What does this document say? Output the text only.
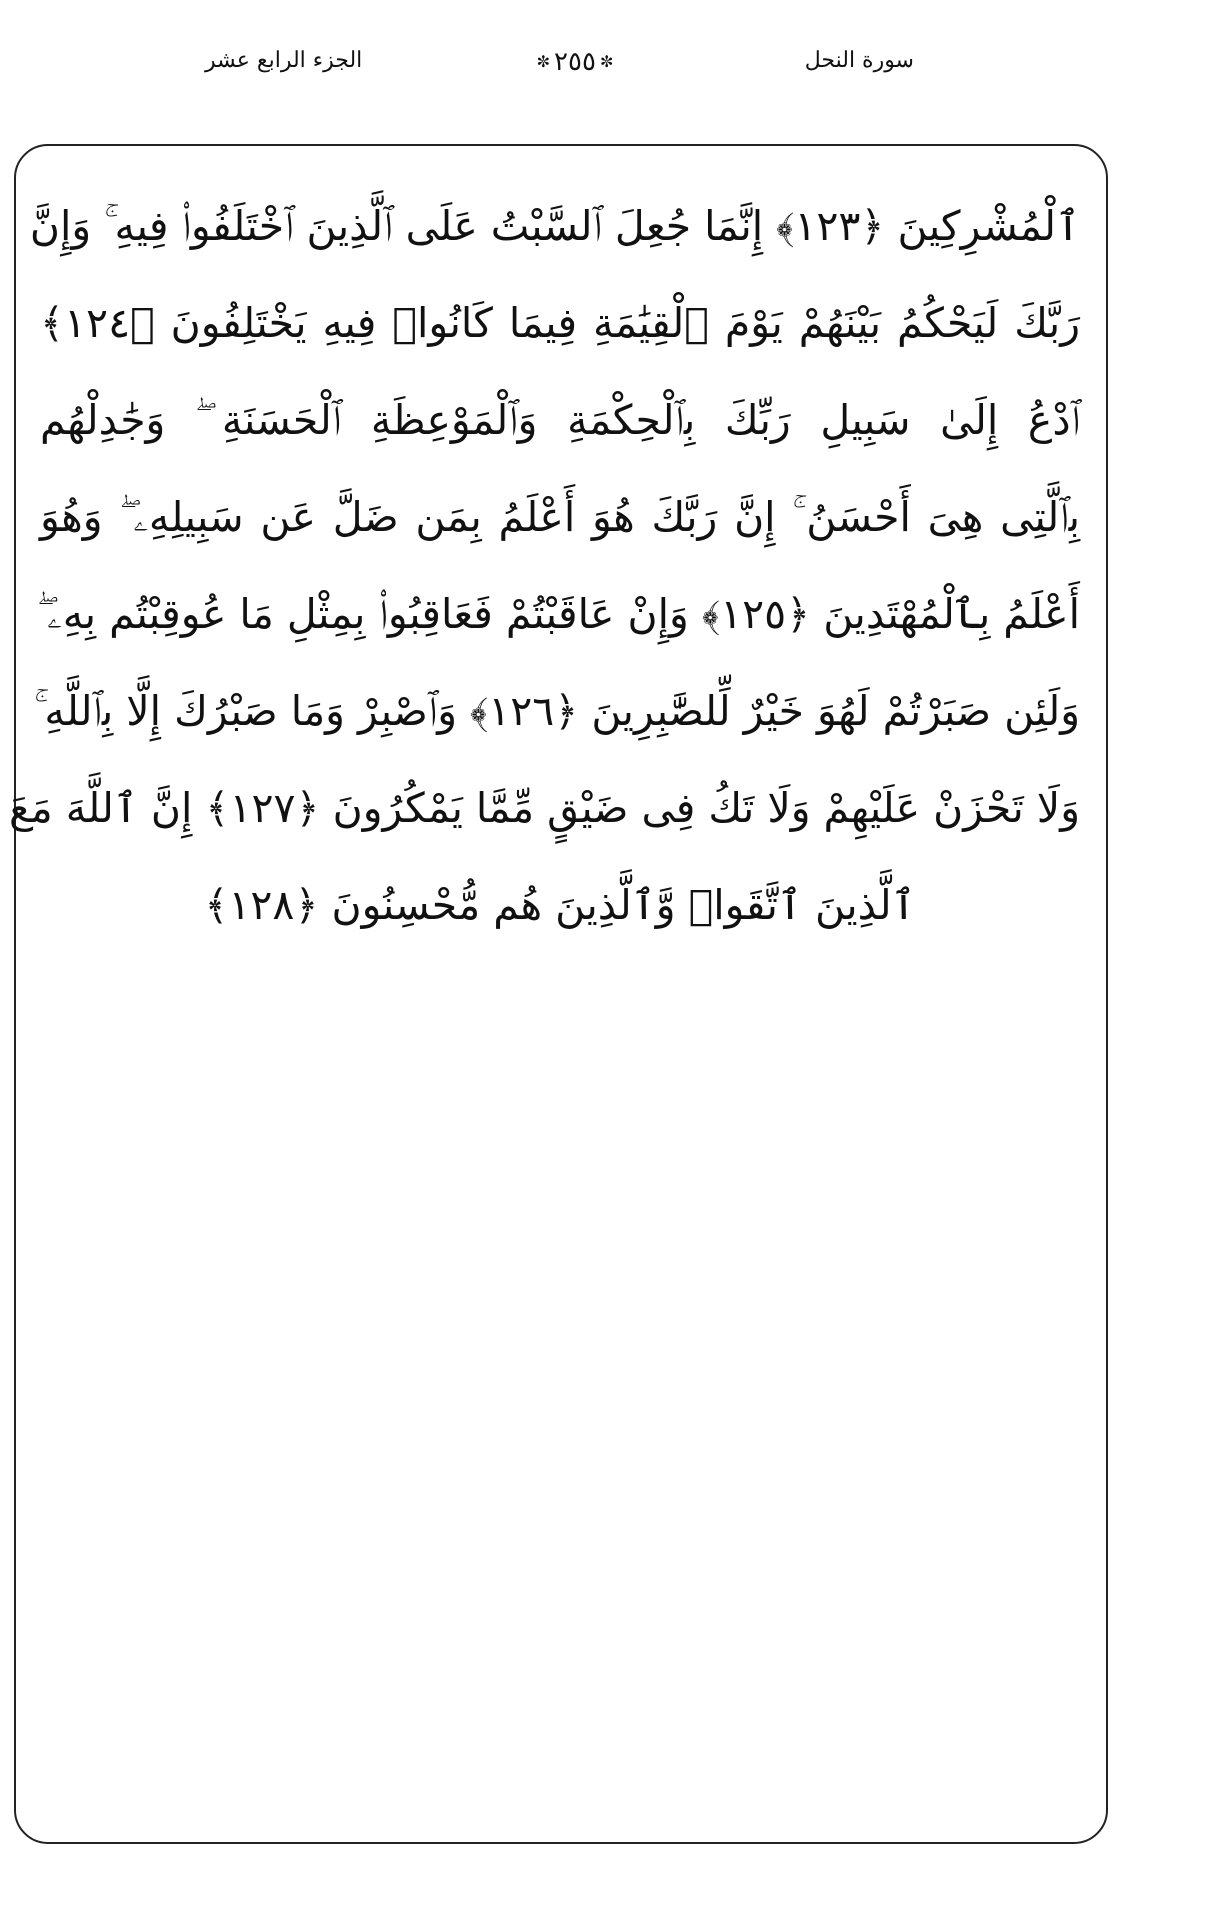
الجزء الرابع عشر	✼ ٢٥٥ ✼	سورة النحل
ٱلْمُشْرِكِينَ ﴿١٢٣﴾ إِنَّمَا جُعِلَ ٱلسَّبْتُ عَلَى ٱلَّذِينَ ٱخْتَلَفُوا۟ فِيهِ ۚ وَإِنَّ
رَبَّكَ لَيَحْكُمُ بَيْنَهُمْ يَوْمَ ٱلْقِيَٰمَةِ فِيمَا كَانُوا۟ فِيهِ يَخْتَلِفُونَ ﴿١٢٤﴾
ٱدْعُ إِلَىٰ سَبِيلِ رَبِّكَ بِٱلْحِكْمَةِ وَٱلْمَوْعِظَةِ ٱلْحَسَنَةِ ۖ وَجَٰدِلْهُم
بِٱلَّتِى هِىَ أَحْسَنُ ۚ إِنَّ رَبَّكَ هُوَ أَعْلَمُ بِمَن ضَلَّ عَن سَبِيلِهِۦ ۖ وَهُوَ
أَعْلَمُ بِٱلْمُهْتَدِينَ ﴿١٢٥﴾ وَإِنْ عَاقَبْتُمْ فَعَاقِبُوا۟ بِمِثْلِ مَا عُوقِبْتُم بِهِۦ ۖ
وَلَئِن صَبَرْتُمْ لَهُوَ خَيْرٌ لِّلصَّٰبِرِينَ ﴿١٢٦﴾ وَٱصْبِرْ وَمَا صَبْرُكَ إِلَّا بِٱللَّهِ ۚ
وَلَا تَحْزَنْ عَلَيْهِمْ وَلَا تَكُ فِى ضَيْقٍ مِّمَّا يَمْكُرُونَ ﴿١٢٧﴾ إِنَّ ٱللَّهَ مَعَ
ٱلَّذِينَ ٱتَّقَوا۟ وَّٱلَّذِينَ هُم مُّحْسِنُونَ ﴿١٢٨﴾
